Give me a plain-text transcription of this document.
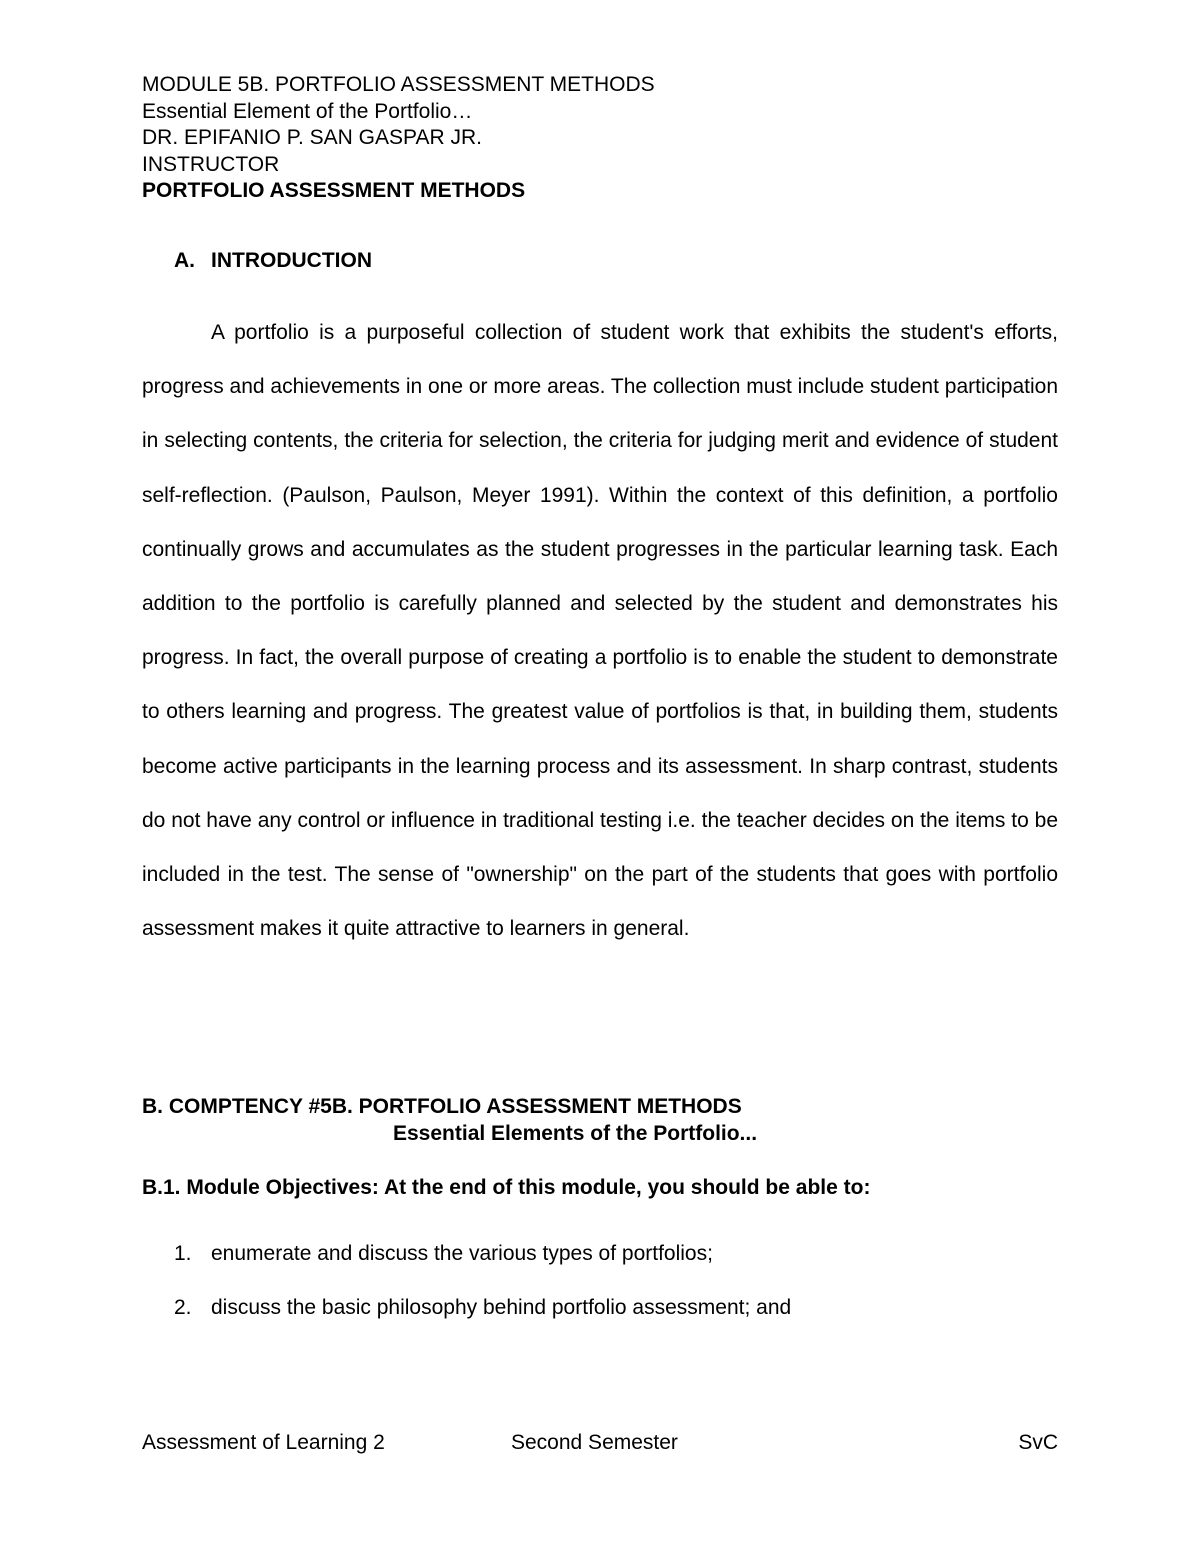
MODULE 5B. PORTFOLIO ASSESSMENT METHODS
Essential Element of the Portfolio…
DR. EPIFANIO P. SAN GASPAR JR.
INSTRUCTOR
PORTFOLIO ASSESSMENT METHODS
A. INTRODUCTION

A portfolio is a purposeful collection of student work that exhibits the student's efforts, progress and achievements in one or more areas. The collection must include student participation in selecting contents, the criteria for selection, the criteria for judging merit and evidence of student self-reflection. (Paulson, Paulson, Meyer 1991). Within the context of this definition, a portfolio continually grows and accumulates as the student progresses in the particular learning task. Each addition to the portfolio is carefully planned and selected by the student and demonstrates his progress. In fact, the overall purpose of creating a portfolio is to enable the student to demonstrate to others learning and progress. The greatest value of portfolios is that, in building them, students become active participants in the learning process and its assessment. In sharp contrast, students do not have any control or influence in traditional testing i.e. the teacher decides on the items to be included in the test. The sense of "ownership" on the part of the students that goes with portfolio assessment makes it quite attractive to learners in general.

B. COMPTENCY #5B. PORTFOLIO ASSESSMENT METHODS
Essential Elements of the Portfolio...
B.1. Module Objectives: At the end of this module, you should be able to:
1. enumerate and discuss the various types of portfolios;
2. discuss the basic philosophy behind portfolio assessment; and
Assessment of Learning 2	Second Semester	SvC
